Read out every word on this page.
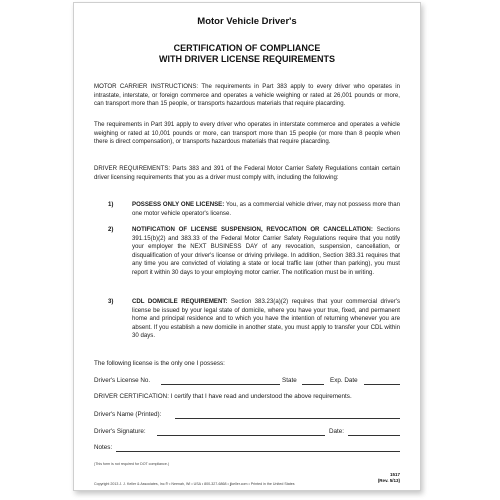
Motor Vehicle Driver's
CERTIFICATION OF COMPLIANCE
WITH DRIVER LICENSE REQUIREMENTS
MOTOR CARRIER INSTRUCTIONS: The requirements in Part 383 apply to every driver who operates in intrastate, interstate, or foreign commerce and operates a vehicle weighing or rated at 26,001 pounds or more, can transport more than 15 people, or transports hazardous materials that require placarding.
The requirements in Part 391 apply to every driver who operates in interstate commerce and operates a vehicle weighing or rated at 10,001 pounds or more, can transport more than 15 people (or more than 8 people when there is direct compensation), or transports hazardous materials that require placarding.
DRIVER REQUIREMENTS: Parts 383 and 391 of the Federal Motor Carrier Safety Regulations contain certain driver licensing requirements that you as a driver must comply with, including the following:
1)	POSSESS ONLY ONE LICENSE: You, as a commercial vehicle driver, may not possess more than one motor vehicle operator's license.
2)	NOTIFICATION OF LICENSE SUSPENSION, REVOCATION OR CANCELLATION: Sections 391.15(b)(2) and 383.33 of the Federal Motor Carrier Safety Regulations require that you notify your employer the NEXT BUSINESS DAY of any revocation, suspension, cancellation, or disqualification of your driver's license or driving privilege. In addition, Section 383.31 requires that any time you are convicted of violating a state or local traffic law (other than parking), you must report it within 30 days to your employing motor carrier. The notification must be in writing.
3)	CDL DOMICILE REQUIREMENT: Section 383.23(a)(2) requires that your commercial driver's license be issued by your legal state of domicile, where you have your true, fixed, and permanent home and principal residence and to which you have the intention of returning whenever you are absent. If you establish a new domicile in another state, you must apply to transfer your CDL within 30 days.
The following license is the only one I possess:
Driver's License No.	State	Exp. Date
DRIVER CERTIFICATION: I certify that I have read and understood the above requirements.
Driver's Name (Printed):
Driver's Signature:	Date:
Notes:
(This form is not required for DOT compliance.)
Copyright 2013 J. J. Keller & Associates, Inc.® • Neenah, WI • USA • 800-327-6868 • jjkeller.com • Printed in the United States
1517
(Rev. 5/13)
